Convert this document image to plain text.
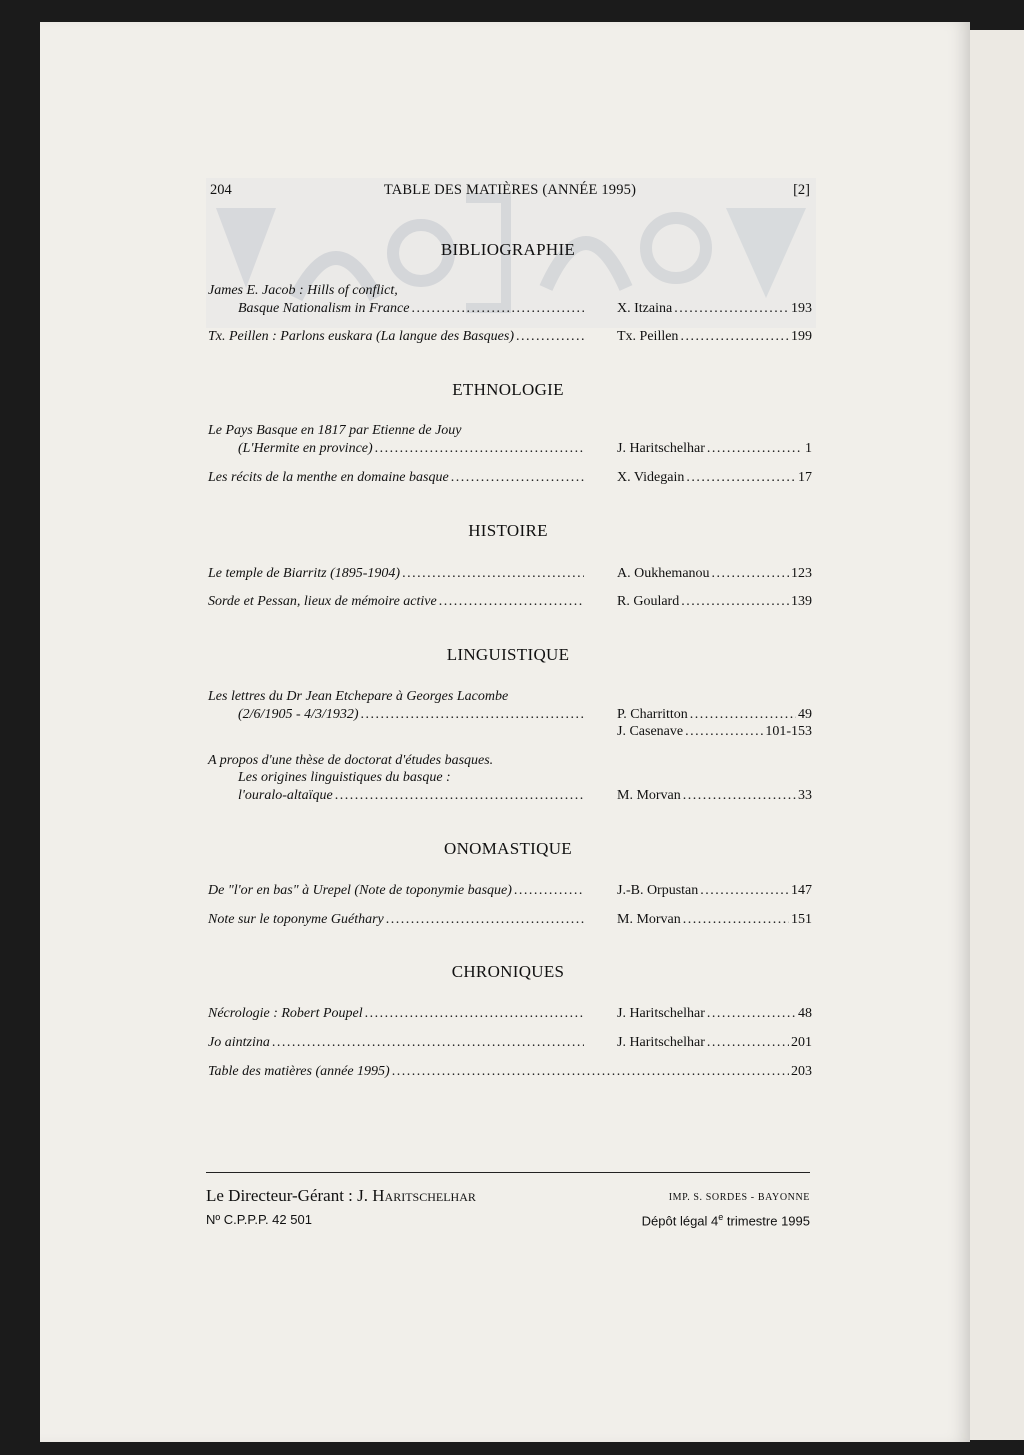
204	TABLE DES MATIÈRES (ANNÉE 1995)	[2]
BIBLIOGRAPHIE
James E. Jacob : Hills of conflict,
Basque Nationalism in France .....	X. Itzaina .....	193
Tx. Peillen : Parlons euskara (La langue des Basques) .....	Tx. Peillen .....	199
ETHNOLOGIE
Le Pays Basque en 1817 par Etienne de Jouy
(L'Hermite en province) .....	J. Haritschelhar .....	1
Les récits de la menthe en domaine basque .....	X. Videgain .....	17
HISTOIRE
Le temple de Biarritz (1895-1904) .....	A. Oukhemanou .....	123
Sorde et Pessan, lieux de mémoire active .....	R. Goulard .....	139
LINGUISTIQUE
Les lettres du Dr Jean Etchepare à Georges Lacombe
(2/6/1905 - 4/3/1932) .....	P. Charritton .....	49
J. Casenave .....	101-153
A propos d'une thèse de doctorat d'études basques.
Les origines linguistiques du basque :
l'ouralo-altaïque .....	M. Morvan .....	33
ONOMASTIQUE
De "l'or en bas" à Urepel (Note de toponymie basque) .....	J.-B. Orpustan .....	147
Note sur le toponyme Guéthary .....	M. Morvan .....	151
CHRONIQUES
Nécrologie : Robert Poupel .....	J. Haritschelhar .....	48
Jo aintzina .....	J. Haritschelhar .....	201
Table des matières (année 1995) .....	203
Le Directeur-Gérant : J. Haritschelhar
Nº C.P.P.P. 42 501
IMP. S. SORDES - BAYONNE
Dépôt légal 4e trimestre 1995
